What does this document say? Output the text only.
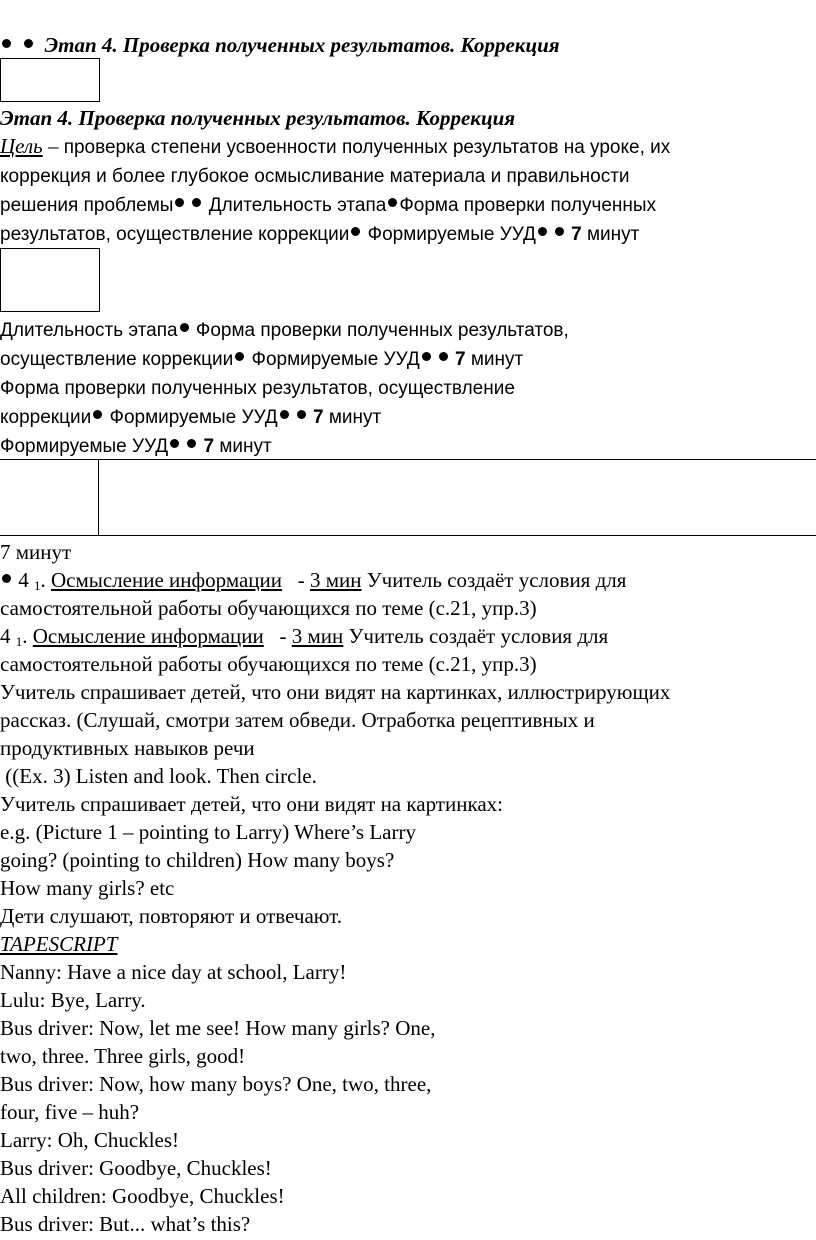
Этап 4. Проверка полученных результатов. Коррекция
Этап 4. Проверка полученных результатов. Коррекция
Цель – проверка степени усвоенности полученных результатов на уроке, их
коррекция и более глубокое осмысливание материала и правильности
решения проблемы Длительность этапа Форма проверки полученных
результатов, осуществление коррекции Формируемые УУД 7 минут
Длительность этапа Форма проверки полученных результатов,
осуществление коррекции Формируемые УУД 7 минут
Форма проверки полученных результатов, осуществление
коррекции Формируемые УУД 7 минут
Формируемые УУД 7 минут
7 минут
4 $_1$. Осмысление информации   - 3 мин Учитель создаёт условия для
самостоятельной работы обучающихся по теме (с.21, упр.3)
4 $_1$. Осмысление информации   - 3 мин Учитель создаёт условия для
самостоятельной работы обучающихся по теме (с.21, упр.3)
Учитель спрашивает детей, что они видят на картинках, иллюстрирующих
рассказ. (Слушай, смотри затем обведи. Отработка рецептивных и
продуктивных навыков речи
((Ex. 3) Listen and look. Then circle.
Учитель спрашивает детей, что они видят на картинках:
e.g. (Picture 1 – pointing to Larry) Where’s Larry
going? (pointing to children) How many boys?
How many girls? etc
Дети слушают, повторяют и отвечают.
TAPESCRIPT
Nanny: Have a nice day at school, Larry!
Lulu: Bye, Larry.
Bus driver: Now, let me see! How many girls? One,
two, three. Three girls, good!
Bus driver: Now, how many boys? One, two, three,
four, five – huh?
Larry: Oh, Chuckles!
Bus driver: Goodbye, Chuckles!
All children: Goodbye, Chuckles!
Bus driver: But... what’s this?
